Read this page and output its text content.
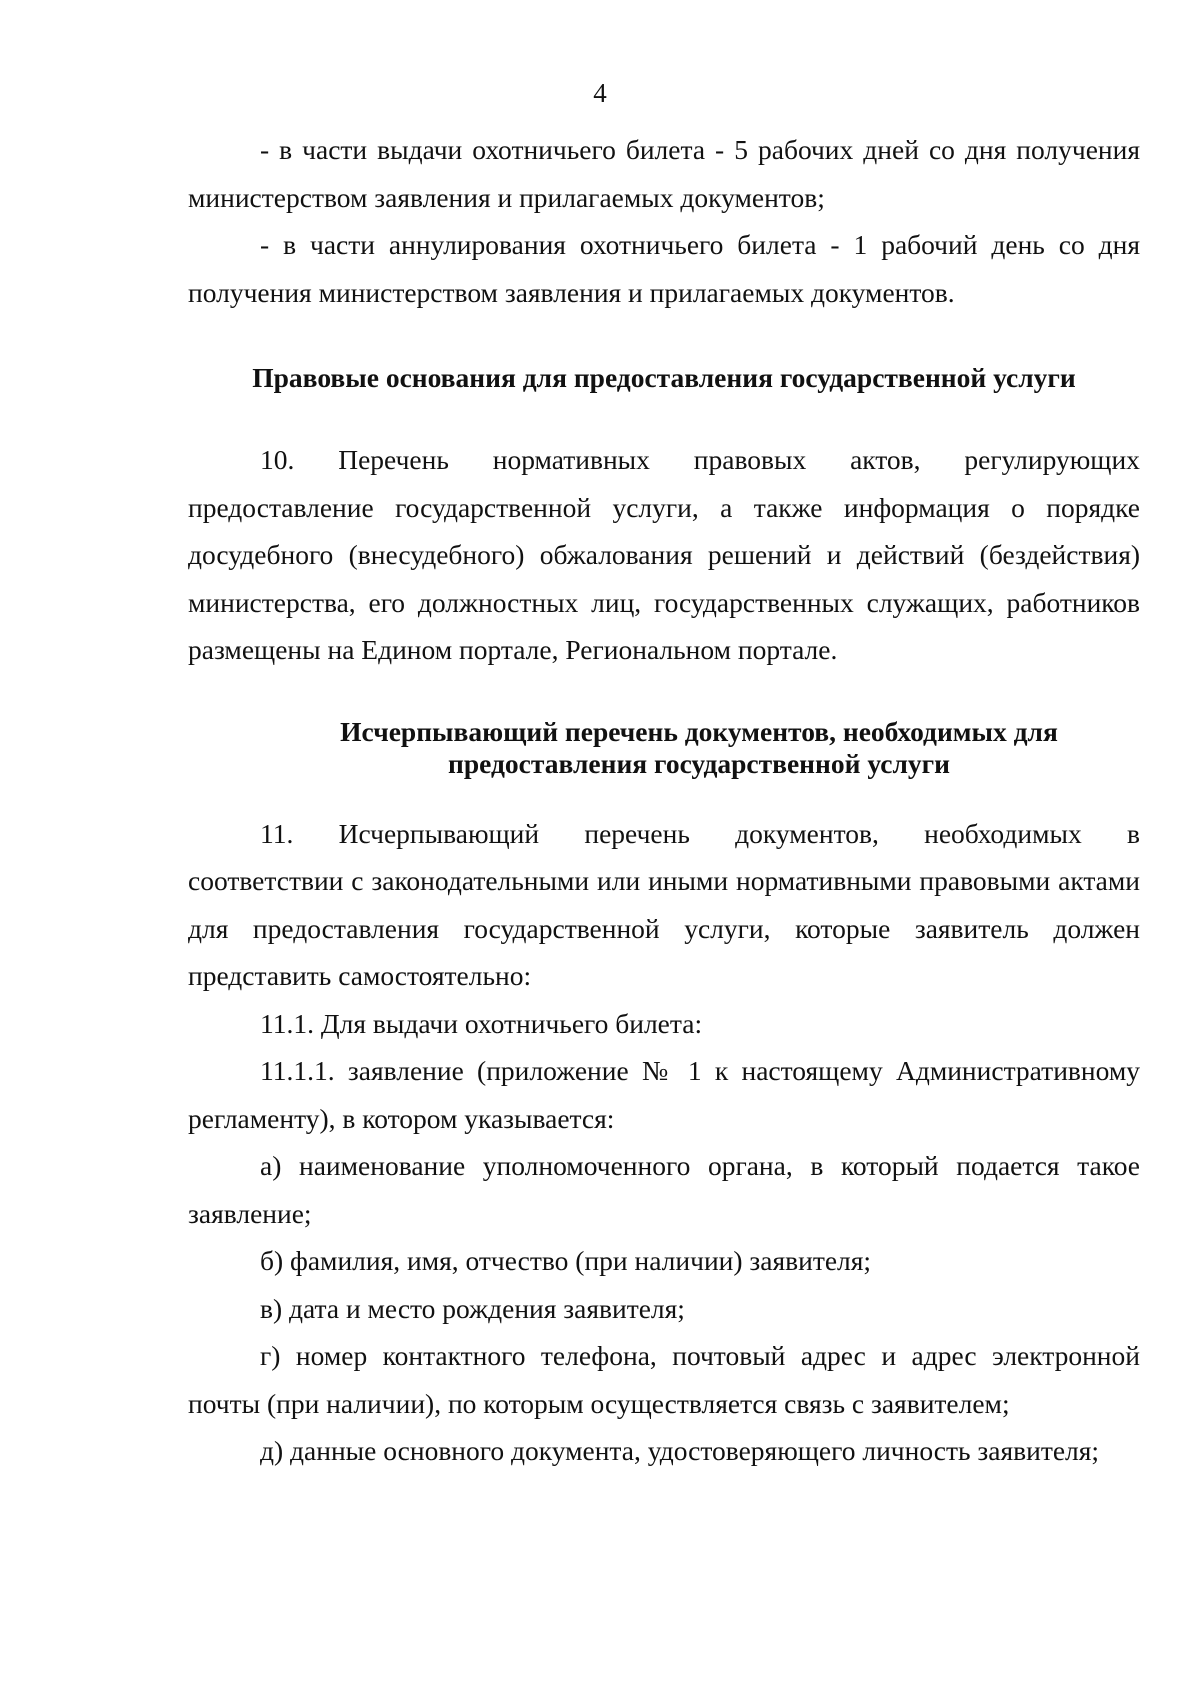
4

- в части выдачи охотничьего билета - 5 рабочих дней со дня получения министерством заявления и прилагаемых документов;

- в части аннулирования охотничьего билета - 1 рабочий день со дня получения министерством заявления и прилагаемых документов.

Правовые основания для предоставления государственной услуги
10. Перечень нормативных правовых актов, регулирующих

предоставление государственной услуги, а также информация о порядке досудебного (внесудебного) обжалования решений и действий (бездействия) министерства, его должностных лиц, государственных служащих, работников размещены на Едином портале, Региональном портале.

Исчерпывающий перечень документов, необходимых для
предоставления государственной услуги
11. Исчерпывающий перечень документов, необходимых в

соответствии с законодательными или иными нормативными правовыми актами для предоставления государственной услуги, которые заявитель должен представить самостоятельно:

11.1. Для выдачи охотничьего билета:

11.1.1. заявление (приложение № 1 к настоящему Административному регламенту), в котором указывается:

а) наименование уполномоченного органа, в который подается такое заявление;

б) фамилия, имя, отчество (при наличии) заявителя;

в) дата и место рождения заявителя;

г) номер контактного телефона, почтовый адрес и адрес электронной почты (при наличии), по которым осуществляется связь с заявителем;

д) данные основного документа, удостоверяющего личность заявителя;
